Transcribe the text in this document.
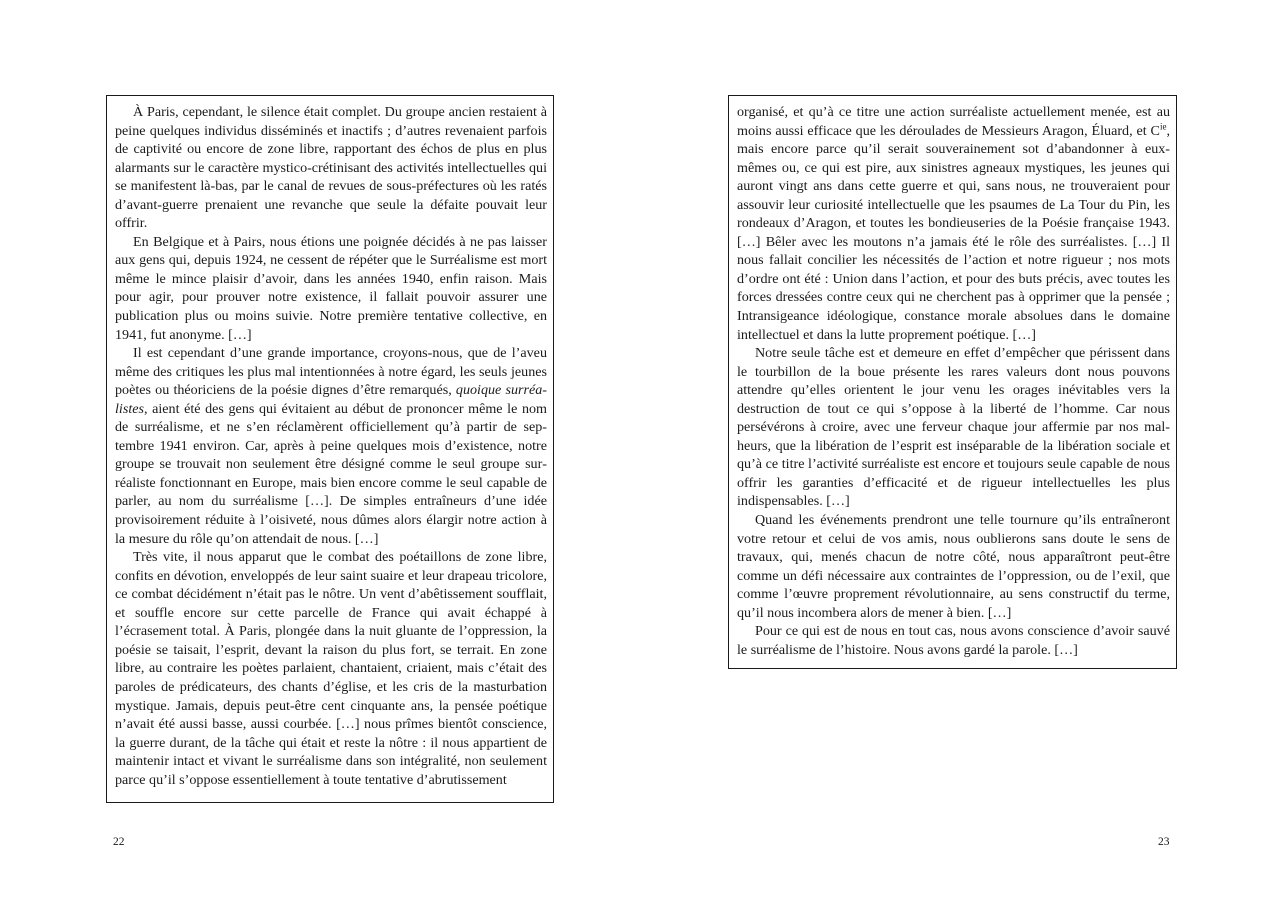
À Paris, cependant, le silence était complet. Du groupe ancien restaient à peine quelques individus disséminés et inactifs ; d’autres revenaient parfois de captivité ou encore de zone libre, rapportant des échos de plus en plus alarmants sur le caractère mystico-crétinisant des activités intellectuelles qui se manifestent là-bas, par le canal de revues de sous-préfectures où les ratés d’avant-guerre prenaient une revanche que seule la défaite pouvait leur offrir.

En Belgique et à Pairs, nous étions une poignée décidés à ne pas laisser aux gens qui, depuis 1924, ne cessent de répéter que le Surréalisme est mort même le mince plaisir d’avoir, dans les années 1940, enfin raison. Mais pour agir, pour prouver notre existence, il fallait pouvoir assurer une publication plus ou moins suivie. Notre première tentative collective, en 1941, fut anonyme. […]

Il est cependant d’une grande importance, croyons-nous, que de l’aveu même des critiques les plus mal intentionnées à notre égard, les seuls jeunes poètes ou théoriciens de la poésie dignes d’être remarqués, quoique surréalistes, aient été des gens qui évitaient au début de prononcer même le nom de surréalisme, et ne s’en réclamèrent officiellement qu’à partir de septembre 1941 environ. Car, après à peine quelques mois d’existence, notre groupe se trouvait non seulement être désigné comme le seul groupe surréaliste fonctionnant en Europe, mais bien encore comme le seul capable de parler, au nom du surréalisme […]. De simples entraîneurs d’une idée provisoirement réduite à l’oisiveté, nous dûmes alors élargir notre action à la mesure du rôle qu’on attendait de nous. […]

Très vite, il nous apparut que le combat des poétaillons de zone libre, confits en dévotion, enveloppés de leur saint suaire et leur drapeau tricolore, ce combat décidément n’était pas le nôtre. Un vent d’abêtissement soufflait, et souffle encore sur cette parcelle de France qui avait échappé à l’écrasement total. À Paris, plongée dans la nuit gluante de l’oppression, la poésie se taisait, l’esprit, devant la raison du plus fort, se terrait. En zone libre, au contraire les poètes parlaient, chantaient, criaient, mais c’était des paroles de prédicateurs, des chants d’église, et les cris de la masturbation mystique. Jamais, depuis peut-être cent cinquante ans, la pensée poétique n’avait été aussi basse, aussi courbée. […] nous prîmes bientôt conscience, la guerre durant, de la tâche qui était et reste la nôtre : il nous appartient de maintenir intact et vivant le surréalisme dans son intégralité, non seulement parce qu’il s’oppose essentiellement à toute tentative d’abrutissement

22

organisé, et qu’à ce titre une action surréaliste actuellement menée, est au moins aussi efficace que les déroulades de Messieurs Aragon, Éluard, et $C^{ie}$, mais encore parce qu’il serait souverainement sot d’abandonner à eux-mêmes ou, ce qui est pire, aux sinistres agneaux mystiques, les jeunes qui auront vingt ans dans cette guerre et qui, sans nous, ne trouveraient pour assouvir leur curiosité intellectuelle que les psaumes de La Tour du Pin, les rondeaux d’Aragon, et toutes les bondieuseries de la Poésie française 1943. […] Bêler avec les moutons n’a jamais été le rôle des surréalistes. […] Il nous fallait concilier les nécessités de l’action et notre rigueur ; nos mots d’ordre ont été : Union dans l’action, et pour des buts précis, avec toutes les forces dressées contre ceux qui ne cherchent pas à opprimer que la pensée ; Intransigeance idéologique, constance morale absolues dans le domaine intellectuel et dans la lutte proprement poétique. […]

Notre seule tâche est et demeure en effet d’empêcher que périssent dans le tourbillon de la boue présente les rares valeurs dont nous pouvons attendre qu’elles orientent le jour venu les orages inévitables vers la destruction de tout ce qui s’oppose à la liberté de l’homme. Car nous persévérons à croire, avec une ferveur chaque jour affermie par nos malheurs, que la libération de l’esprit est inséparable de la libération sociale et qu’à ce titre l’activité surréaliste est encore et toujours seule capable de nous offrir les garanties d’efficacité et de rigueur intellectuelles les plus indispensables. […]

Quand les événements prendront une telle tournure qu’ils entraîneront votre retour et celui de vos amis, nous oublierons sans doute le sens de travaux, qui, menés chacun de notre côté, nous apparaîtront peut-être comme un défi nécessaire aux contraintes de l’oppression, ou de l’exil, que comme l’œuvre proprement révolutionnaire, au sens constructif du terme, qu’il nous incombera alors de mener à bien. […]

Pour ce qui est de nous en tout cas, nous avons conscience d’avoir sauvé le surréalisme de l’histoire. Nous avons gardé la parole. […]

23
